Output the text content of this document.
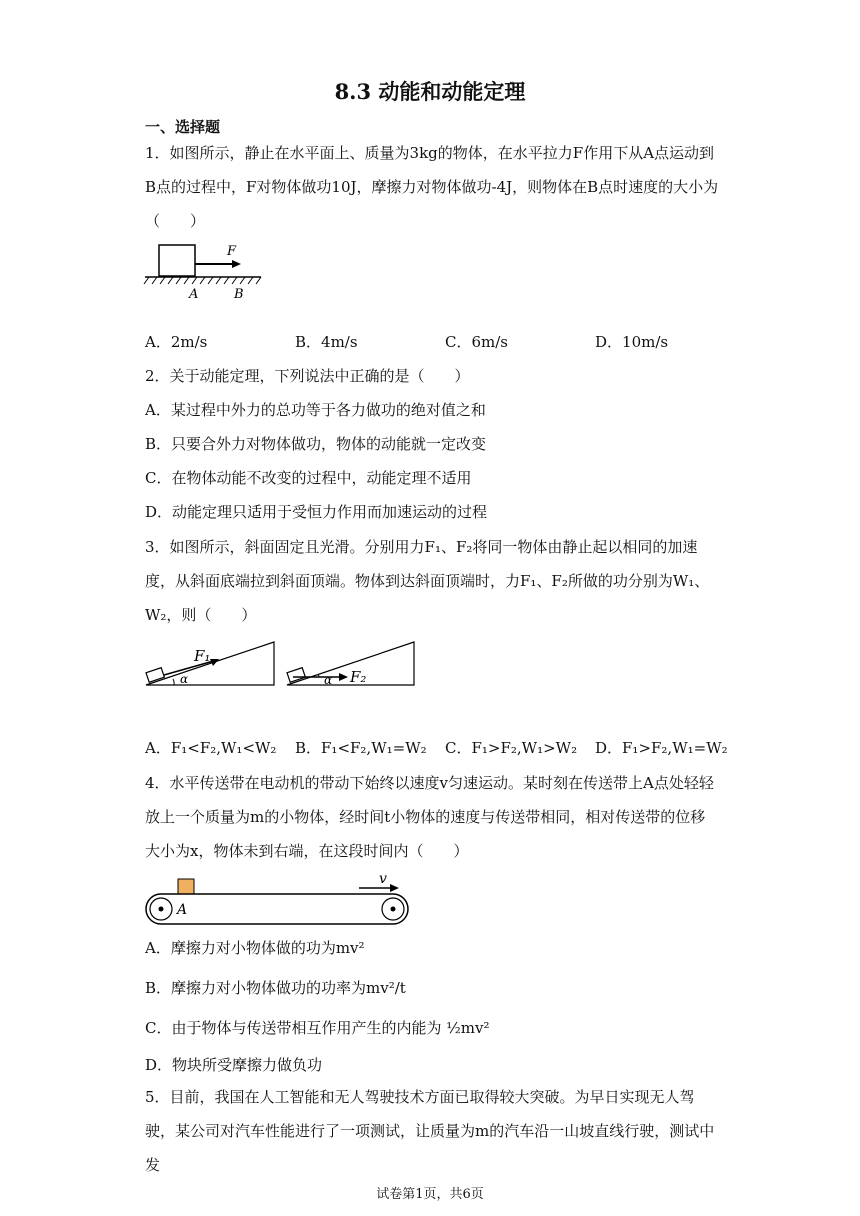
8.3 动能和动能定理
一、选择题
1．如图所示，静止在水平面上、质量为3kg的物体，在水平拉力F作用下从A点运动到B点的过程中，F对物体做功10J，摩擦力对物体做功-4J，则物体在B点时速度的大小为（　　）
F
A	B
A．2m/s	B．4m/s	C．6m/s	D．10m/s
2．关于动能定理，下列说法中正确的是（　　）
A．某过程中外力的总功等于各力做功的绝对值之和
B．只要合外力对物体做功，物体的动能就一定改变
C．在物体动能不改变的过程中，动能定理不适用
D．动能定理只适用于受恒力作用而加速运动的过程
3．如图所示，斜面固定且光滑。分别用力F₁、F₂将同一物体由静止起以相同的加速度，从斜面底端拉到斜面顶端。物体到达斜面顶端时，力F₁、F₂所做的功分别为W₁、W₂，则（　　）
α
F₁
α F₂
A．F₁<F₂,W₁<W₂ B．F₁<F₂,W₁=W₂ C．F₁>F₂,W₁>W₂ D．F₁>F₂,W₁=W₂
4．水平传送带在电动机的带动下始终以速度v匀速运动。某时刻在传送带上A点处轻轻放上一个质量为m的小物体，经时间t小物体的速度与传送带相同，相对传送带的位移大小为x，物体未到右端，在这段时间内（　　）
v
A
A．摩擦力对小物体做的功为mv²
B．摩擦力对小物体做功的功率为mv²/t
C．由于物体与传送带相互作用产生的内能为 ½mv²
D．物块所受摩擦力做负功
5．目前，我国在人工智能和无人驾驶技术方面已取得较大突破。为早日实现无人驾驶，某公司对汽车性能进行了一项测试，让质量为m的汽车沿一山坡直线行驶，测试中发
试卷第1页，共6页
